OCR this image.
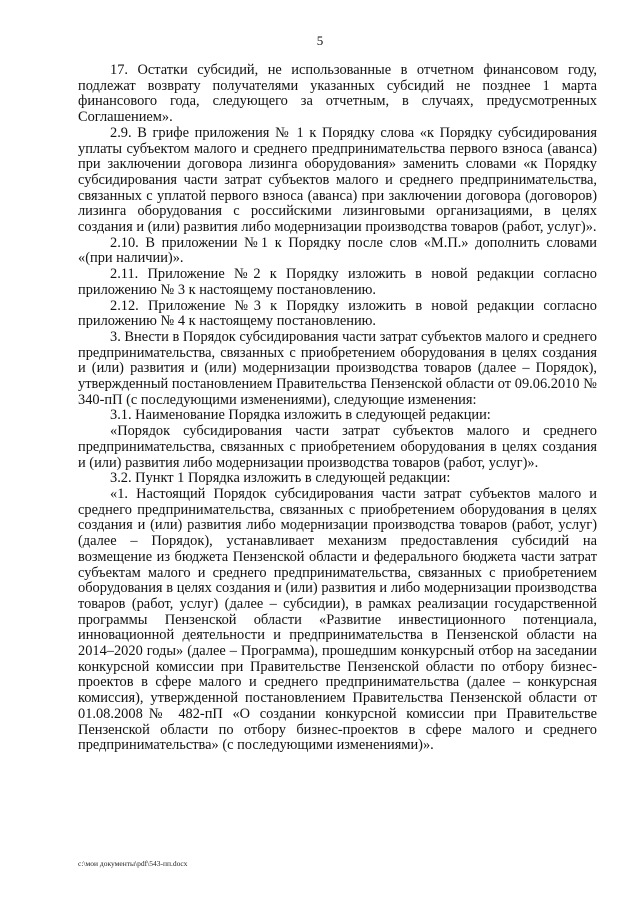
5

17. Остатки субсидий, не использованные в отчетном финансовом году, подлежат возврату получателями указанных субсидий не позднее 1 марта финансового года, следующего за отчетным, в случаях, предусмотренных Соглашением».

2.9. В грифе приложения № 1 к Порядку слова «к Порядку субсидирования уплаты субъектом малого и среднего предпринимательства первого взноса (аванса) при заключении договора лизинга оборудования» заменить словами «к Порядку субсидирования части затрат субъектов малого и среднего предпринимательства, связанных с уплатой первого взноса (аванса) при заключении договора (договоров) лизинга оборудования с российскими лизинговыми организациями, в целях создания и (или) развития либо модернизации производства товаров (работ, услуг)».

2.10. В приложении №1 к Порядку после слов «М.П.» дополнить словами «(при наличии)».

2.11. Приложение №2 к Порядку изложить в новой редакции согласно приложению № 3 к настоящему постановлению.

2.12. Приложение №3 к Порядку изложить в новой редакции согласно приложению № 4 к настоящему постановлению.

3. Внести в Порядок субсидирования части затрат субъектов малого и среднего предпринимательства, связанных с приобретением оборудования в целях создания и (или) развития и (или) модернизации производства товаров (далее – Порядок), утвержденный постановлением Правительства Пензенской области от 09.06.2010 № 340-пП (с последующими изменениями), следующие изменения:

3.1. Наименование Порядка изложить в следующей редакции:

«Порядок субсидирования части затрат субъектов малого и среднего предпринимательства, связанных с приобретением оборудования в целях создания и (или) развития либо модернизации производства товаров (работ, услуг)».

3.2. Пункт 1 Порядка изложить в следующей редакции:

«1. Настоящий Порядок субсидирования части затрат субъектов малого и среднего предпринимательства, связанных с приобретением оборудования в целях создания и (или) развития либо модернизации производства товаров (работ, услуг) (далее – Порядок), устанавливает механизм предоставления субсидий на возмещение из бюджета Пензенской области и федерального бюджета части затрат субъектам малого и среднего предпринимательства, связанных с приобретением оборудования в целях создания и (или) развития и либо модернизации производства товаров (работ, услуг) (далее – субсидии), в рамках реализации государственной программы Пензенской области «Развитие инвестиционного потенциала, инновационной деятельности и предпринимательства в Пензенской области на 2014–2020 годы» (далее – Программа), прошедшим конкурсный отбор на заседании конкурсной комиссии при Правительстве Пензенской области по отбору бизнес-проектов в сфере малого и среднего предпринимательства (далее – конкурсная комиссия), утвержденной постановлением Правительства Пензенской области от 01.08.2008№ 482-пП «О создании конкурсной комиссии при Правительстве Пензенской области по отбору бизнес-проектов в сфере малого и среднего предпринимательства» (с последующими изменениями)».

c:\мои документы\pdf\543-пп.docx
